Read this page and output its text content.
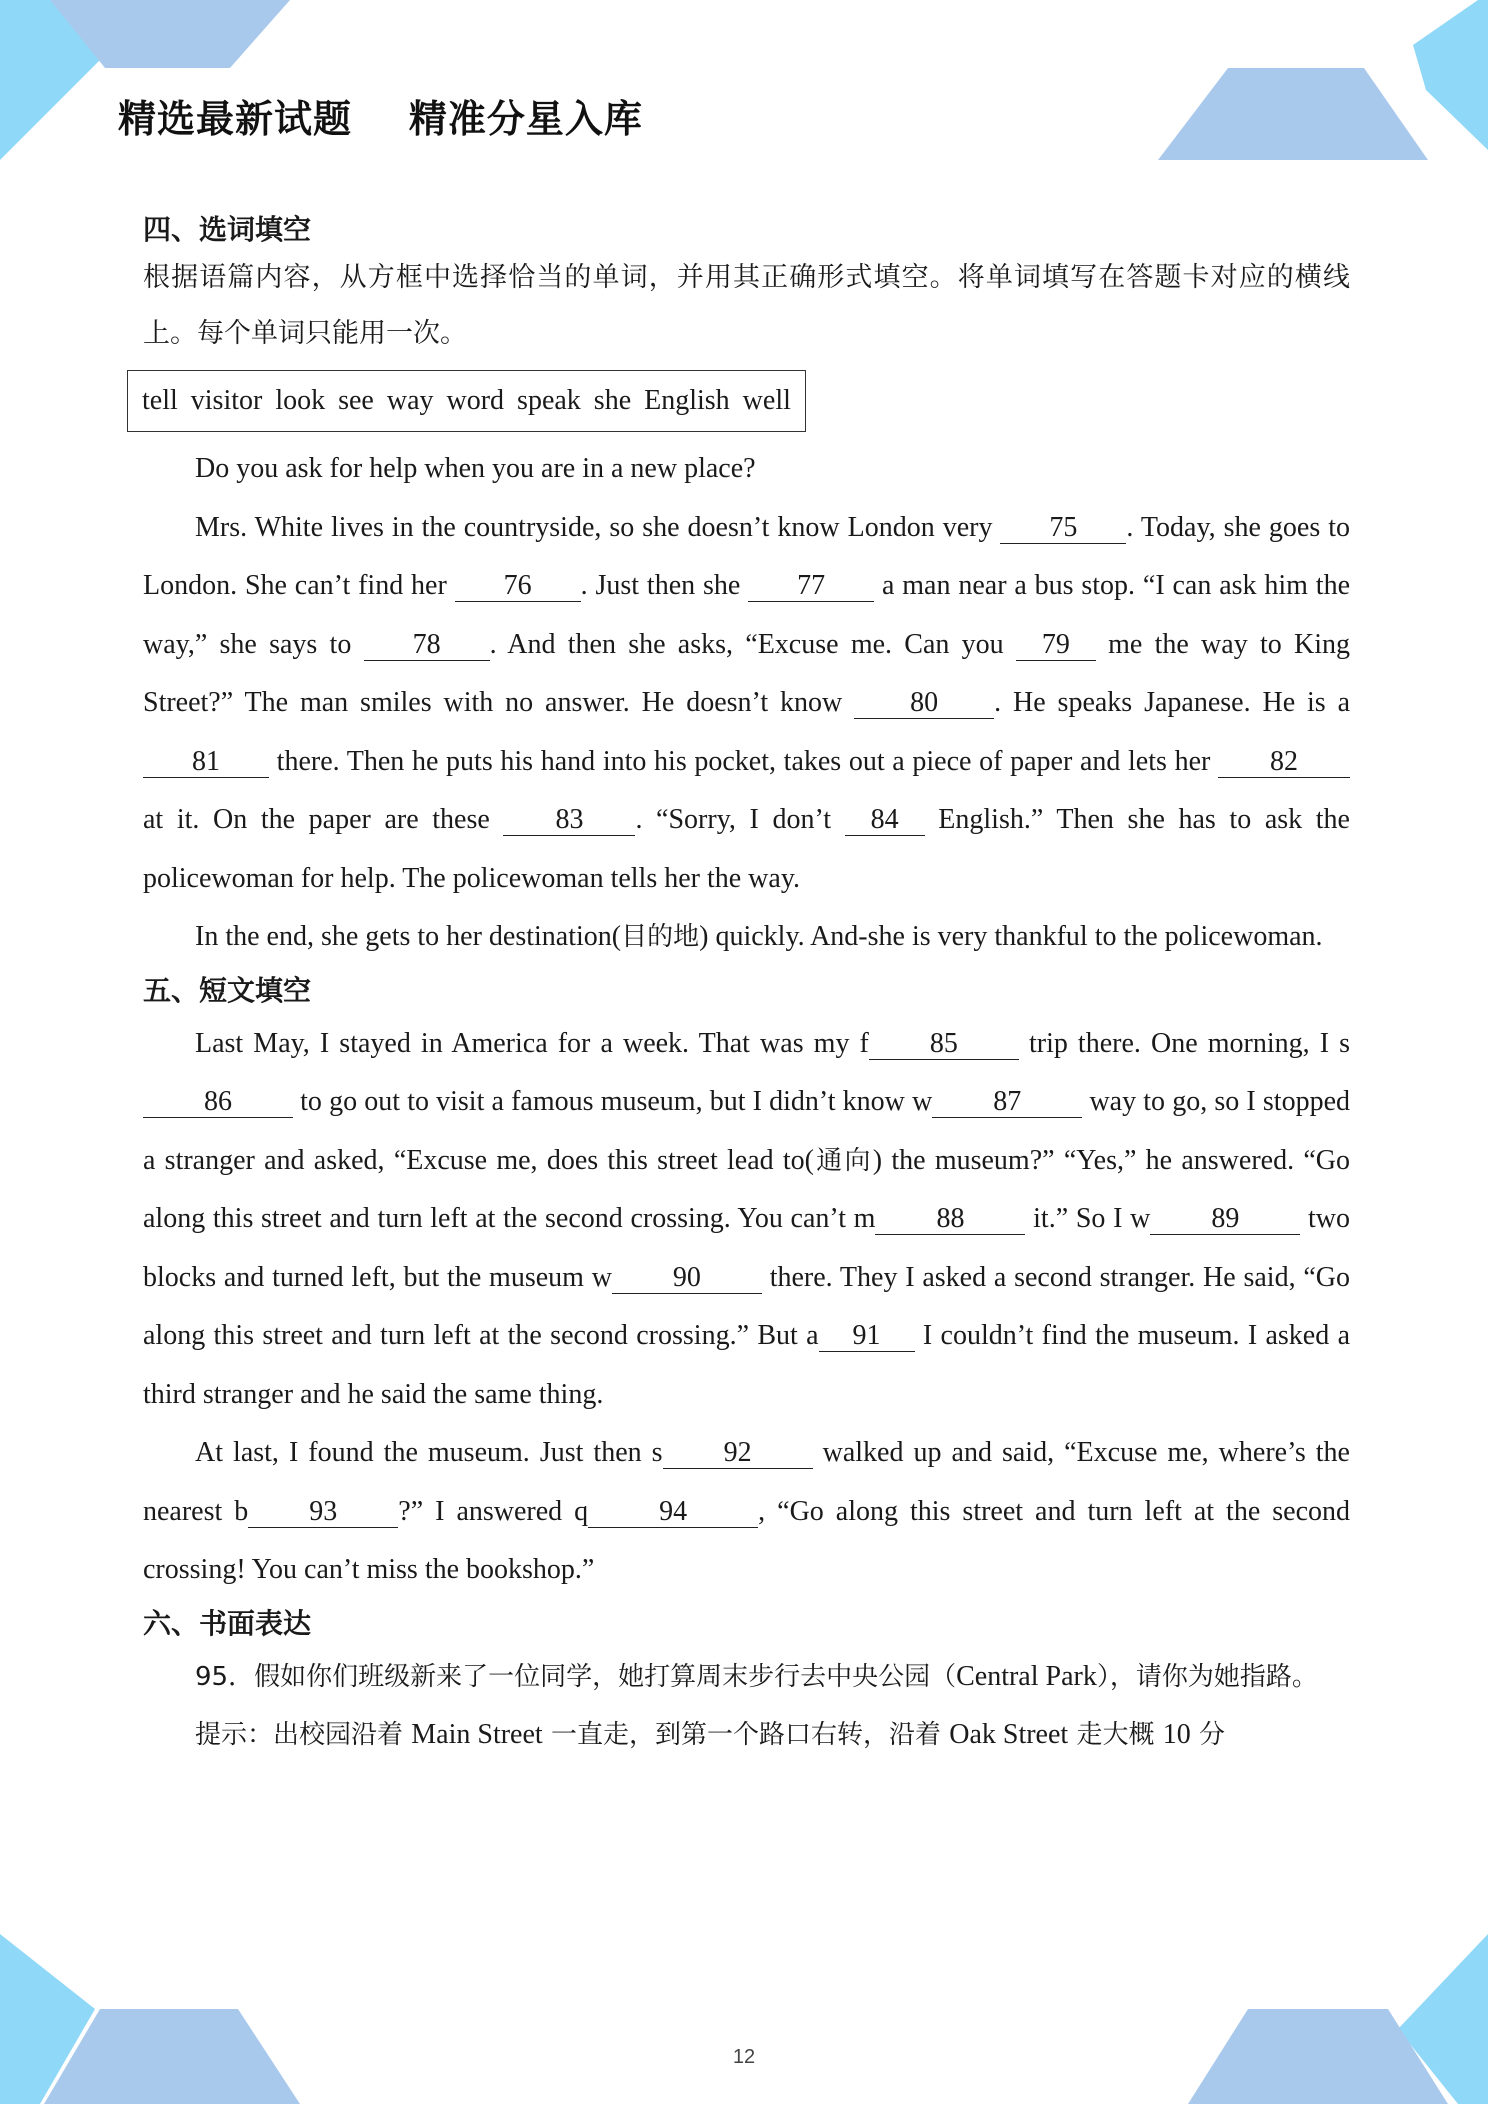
精选最新试题    精准分星入库
四、选词填空
根据语篇内容，从方框中选择恰当的单词，并用其正确形式填空。将单词填写在答题卡对应的横线上。每个单词只能用一次。
tell visitor look see way word speak she English well
Do you ask for help when you are in a new place?
Mrs. White lives in the countryside, so she doesn’t know London very 75 . Today, she goes to London. She can’t find her 76 . Just then she 77 a man near a bus stop. “I can ask him the way,” she says to 78 . And then she asks, “Excuse me. Can you 79 me the way to King Street?” The man smiles with no answer. He doesn’t know 80 . He speaks Japanese. He is a 81 there. Then he puts his hand into his pocket, takes out a piece of paper and lets her 82 at it. On the paper are these 83 . “Sorry, I don’t 84 English.” Then she has to ask the policewoman for help. The policewoman tells her the way.
In the end, she gets to her destination(目的地) quickly. And-she is very thankful to the policewoman.
五、短文填空
Last May, I stayed in America for a week. That was my f 85 trip there. One morning, I s86 to go out to visit a famous museum, but I didn’t know w 87 way to go, so I stopped a stranger and asked, “Excuse me, does this street lead to(通向) the museum?” “Yes,” he answered. “Go along this street and turn left at the second crossing. You can’t m 88 it.” So I w 89 two blocks and turned left, but the museum w 90 there. They I asked a second stranger. He said, “Go along this street and turn left at the second crossing.” But a 91 I couldn’t find the museum. I asked a third stranger and he said the same thing.
At last, I found the museum. Just then s 92 walked up and said, “Excuse me, where’s the nearest b 93 ?” I answered q	94	, “Go along this street and turn left at the second crossing! You can’t miss the bookshop.”
六、书面表达
95．假如你们班级新来了一位同学，她打算周末步行去中央公园（Central Park），请你为她指路。
提示：出校园沿着 Main Street 一直走，到第一个路口右转，沿着 Oak Street 走大概 10 分
12
